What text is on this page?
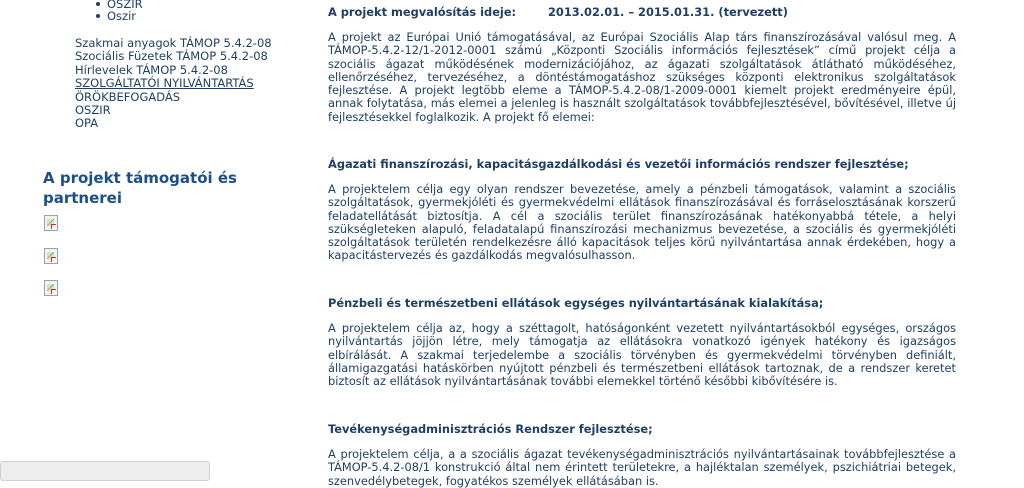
OSZIR
Oszir
Szakmai anyagok TÁMOP 5.4.2-08
Szociális Füzetek TÁMOP 5.4.2-08
Hírlevelek TÁMOP 5.4.2-08
SZOLGÁLTATÓI NYILVÁNTARTÁS
ÖRÖKBEFOGADÁS
OSZIR
OPA
A projekt támogatói és partnerei
A projekt megvalósítás ideje:	2013.02.01. – 2015.01.31. (tervezett)

A projekt az Európai Unió támogatásával, az Európai Szociális Alap társ finanszírozásával valósul meg. A TÁMOP-5.4.2-12/1-2012-0001 számú „Központi Szociális információs fejlesztések” című projekt célja a szociális ágazat működésének modernizációjához, az ágazati szolgáltatások átlátható működéséhez, ellenőrzéséhez, tervezéséhez, a döntéstámogatáshoz szükséges központi elektronikus szolgáltatások fejlesztése. A projekt legtöbb eleme a TÁMOP-5.4.2-08/1-2009-0001 kiemelt projekt eredményeire épül, annak folytatása, más elemei a jelenleg is használt szolgáltatások továbbfejlesztésével, bővítésével, illetve új fejlesztésekkel foglalkozik. A projekt fő elemei:

Ágazati finanszírozási, kapacitásgazdálkodási és vezetői információs rendszer fejlesztése;

A projektelem célja egy olyan rendszer bevezetése, amely a pénzbeli támogatások, valamint a szociális szolgáltatások, gyermekjóléti és gyermekvédelmi ellátások finanszírozásával és forráselosztásának korszerű feladatellátását biztosítja. A cél a szociális terület finanszírozásának hatékonyabbá tétele, a helyi szükségleteken alapuló, feladatalapú finanszírozási mechanizmus bevezetése, a szociális és gyermekjóléti szolgáltatások területén rendelkezésre álló kapacitások teljes körű nyilvántartása annak érdekében, hogy a kapacitástervezés és gazdálkodás megvalósulhasson.

Pénzbeli és természetbeni ellátások egységes nyilvántartásának kialakítása;

A projektelem célja az, hogy a széttagolt, hatóságonként vezetett nyilvántartásokból egységes, országos nyilvántartás jöjjön létre, mely támogatja az ellátásokra vonatkozó igények hatékony és igazságos elbírálását. A szakmai terjedelembe a szociális törvényben és gyermekvédelmi törvényben definiált, államigazgatási hatáskörben nyújtott pénzbeli és természetbeni ellátások tartoznak, de a rendszer keretet biztosít az ellátások nyilvántartásának további elemekkel történő későbbi kibővítésére is.

Tevékenységadminisztrációs Rendszer fejlesztése;

A projektelem célja, a a szociális ágazat tevékenységadminisztrációs nyilvántartásainak továbbfejlesztése a TÁMOP-5.4.2-08/1 konstrukció által nem érintett területekre, a hajléktalan személyek, pszichiátriai betegek, szenvedélybetegek, fogyatékos személyek ellátásában is.
